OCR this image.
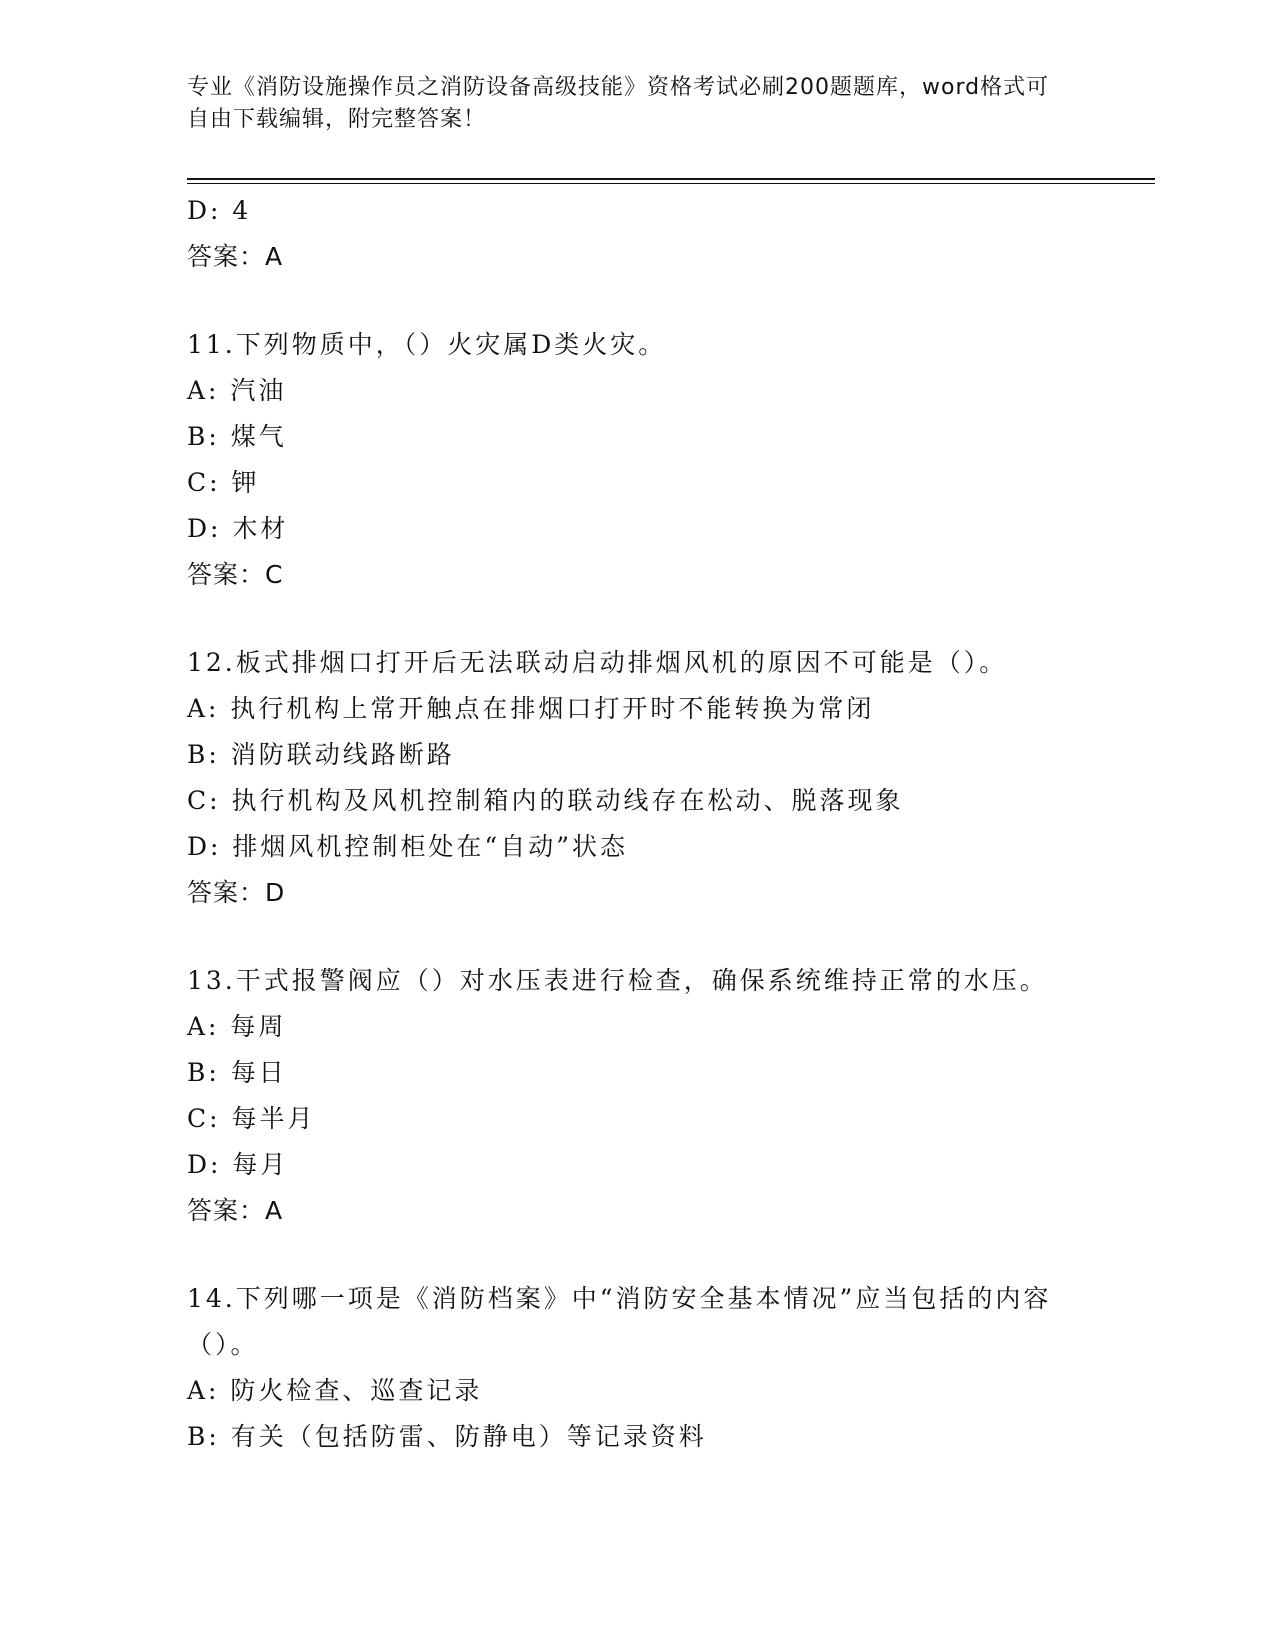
专业《消防设施操作员之消防设备高级技能》资格考试必刷200题题库，word格式可自由下载编辑，附完整答案！
D: 4
答案：A
11.下列物质中，（）火灾属D类火灾。
A: 汽油
B: 煤气
C: 钾
D: 木材
答案：C
12.板式排烟口打开后无法联动启动排烟风机的原因不可能是（）。
A: 执行机构上常开触点在排烟口打开时不能转换为常闭
B: 消防联动线路断路
C: 执行机构及风机控制箱内的联动线存在松动、脱落现象
D: 排烟风机控制柜处在“自动”状态
答案：D
13.干式报警阀应（）对水压表进行检查，确保系统维持正常的水压。
A: 每周
B: 每日
C: 每半月
D: 每月
答案：A
14.下列哪一项是《消防档案》中“消防安全基本情况”应当包括的内容（）。
A: 防火检查、巡查记录
B: 有关（包括防雷、防静电）等记录资料
